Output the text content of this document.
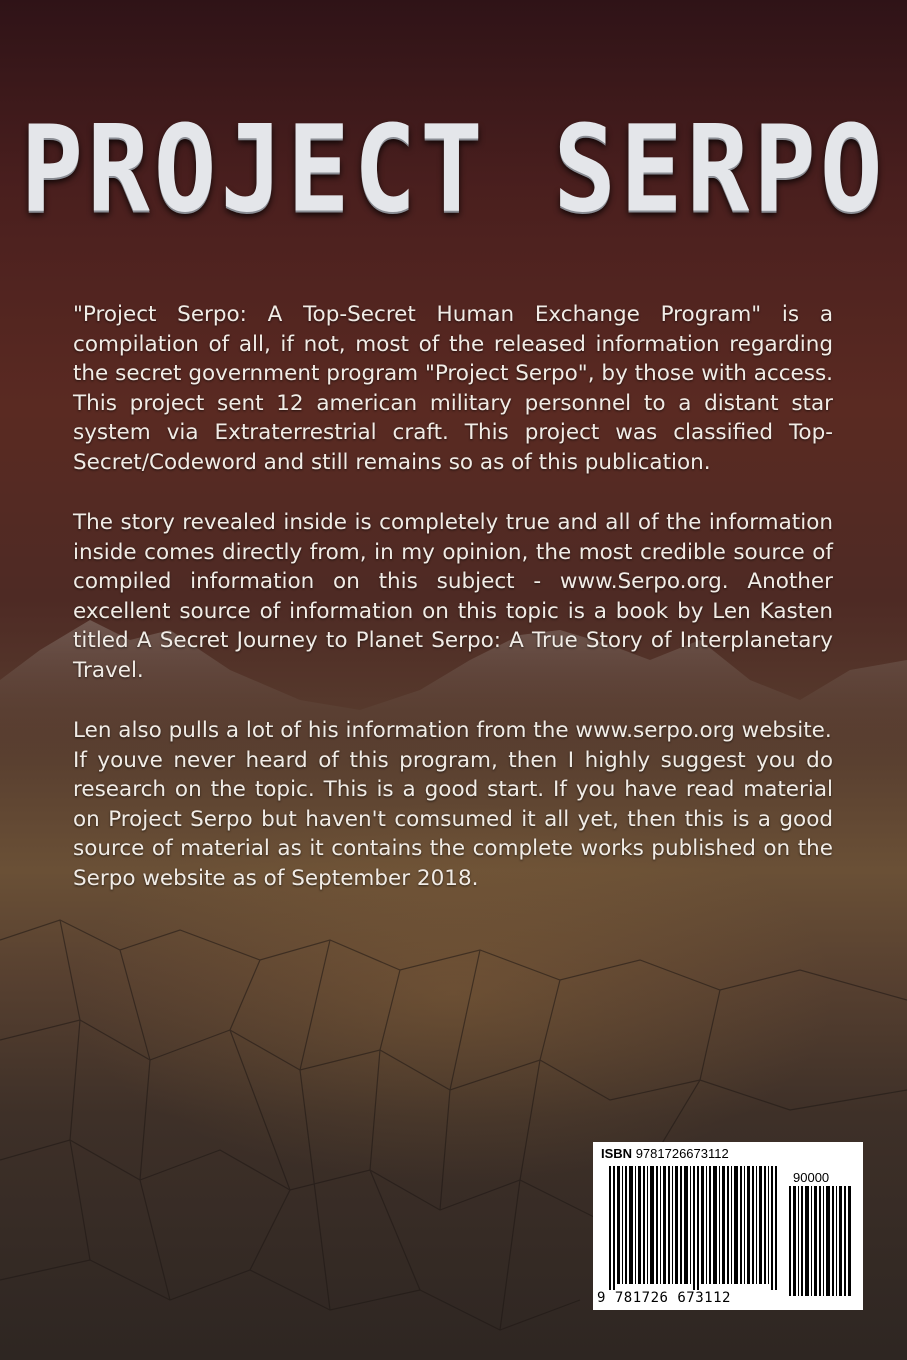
PROJECT SERPO

"Project Serpo: A Top-Secret Human Exchange Program" is a compilation of all, if not, most of the released information regarding the secret government program "Project Serpo", by those with access. This project sent 12 american military personnel to a distant star system via Extraterrestrial craft. This project was classified Top-Secret/Codeword and still remains so as of this publication.

The story revealed inside is completely true and all of the information inside comes directly from, in my opinion, the most credible source of compiled information on this subject - www.Serpo.org. Another excellent source of information on this topic is a book by Len Kasten titled A Secret Journey to Planet Serpo: A True Story of Interplanetary Travel.

Len also pulls a lot of his information from the www.serpo.org website.

If youve never heard of this program, then I highly suggest you do research on the topic. This is a good start. If you have read material on Project Serpo but haven't comsumed it all yet, then this is a good source of material as it contains the complete works published on the Serpo website as of September 2018.

ISBN 9781726673112
90000
9 781726 673112
